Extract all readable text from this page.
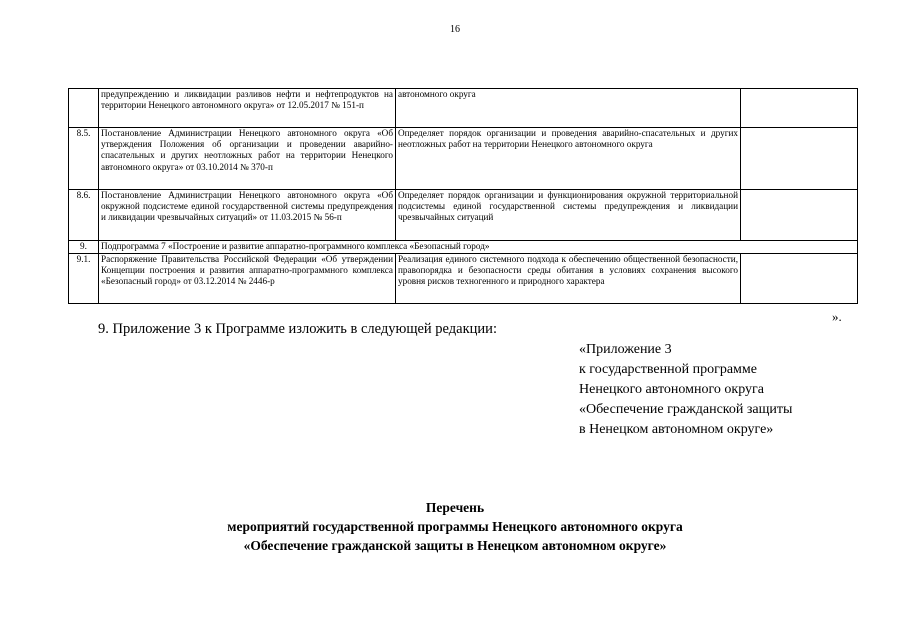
16
	предупреждению и ликвидации разливов нефти и нефтепродуктов на территории Ненецкого автономного округа» от 12.05.2017 № 151-п	автономного округа	
8.5.	Постановление Администрации Ненецкого автономного округа «Об утверждения Положения об организации и проведении аварийно-спасательных и других неотложных работ на территории Ненецкого автономного округа» от 03.10.2014 № 370-п	Определяет порядок организации и проведения аварийно-спасательных и других неотложных работ на территории Ненецкого автономного округа	
8.6.	Постановление Администрации Ненецкого автономного округа «Об окружной подсистеме единой государственной системы предупреждения и ликвидации чрезвычайных ситуаций» от 11.03.2015 № 56-п	Определяет порядок организации и функционирования окружной территориальной подсистемы единой государственной системы предупреждения и ликвидации чрезвычайных ситуаций	
9.	Подпрограмма 7 «Построение и развитие аппаратно-программного комплекса «Безопасный город»		
9.1.	Распоряжение Правительства Российской Федерации «Об утверждении Концепции построения и развития аппаратно-программного комплекса «Безопасный город» от 03.12.2014 № 2446-р	Реализация единого системного подхода к обеспечению общественной безопасности, правопорядка и безопасности среды обитания в условиях сохранения высокого уровня рисков техногенного и природного характера	
».
9. Приложение 3 к Программе изложить в следующей редакции:
«Приложение 3
к государственной программе
Ненецкого автономного округа
«Обеспечение гражданской защиты
в Ненецком автономном округе»
Перечень
мероприятий государственной программы Ненецкого автономного округа
«Обеспечение гражданской защиты в Ненецком автономном округе»
